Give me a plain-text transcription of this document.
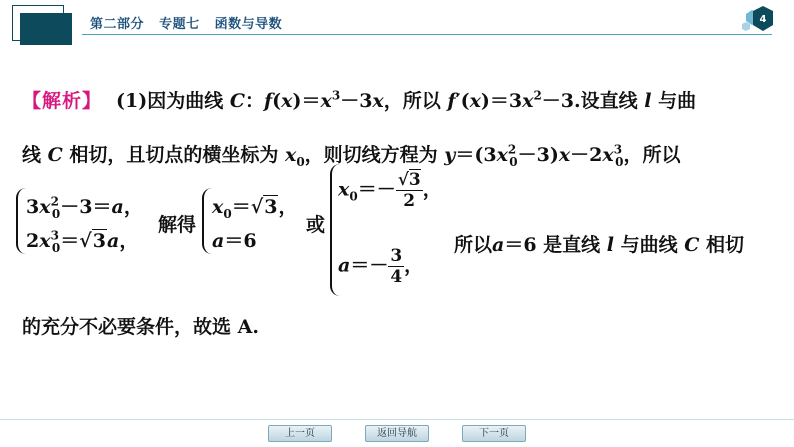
第二部分   专题七   函数与导数	4
【解析】 (1)因为曲线 C：$f(x)=x^3-3x$，所以 $f'(x)=3x^2-3$.设直线 l 与曲
线 C 相切，且切点的横坐标为 $x_0$，则切线方程为 $y=(3x^2_0-3)x-2x^3_0$，所以
$3x^2_0-3=a$，
$2x^3_0=√3a$，
解得
$x_0=√3$，
a＝6
或
$x_0=- \frac{√3}{2}$ ，
$a=- \frac{3}{4}$ ，
所以a＝6 是直线 l 与曲线 C 相切
的充分不必要条件，故选 A.
上一页	返回导航	下一页
